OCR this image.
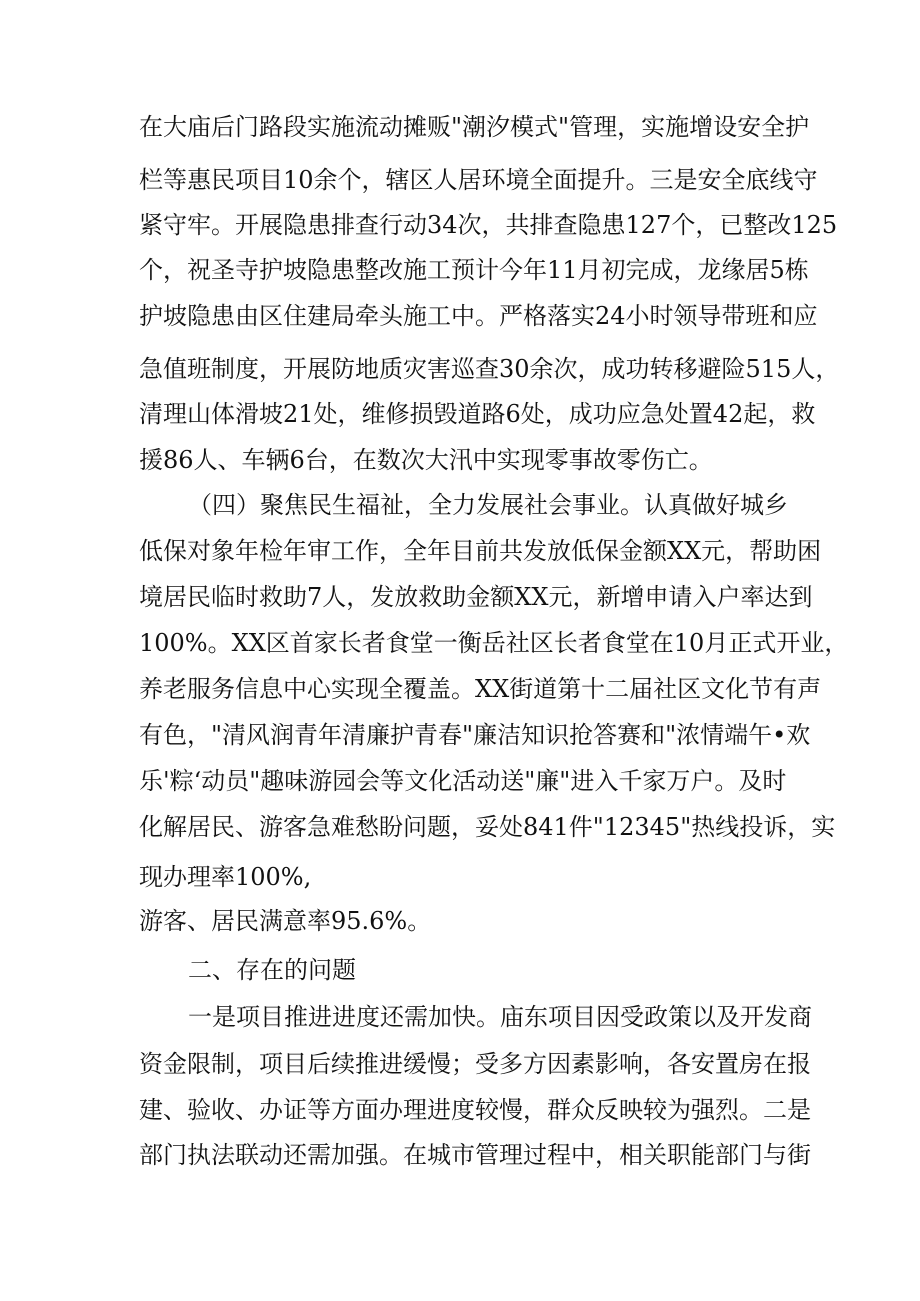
在大庙后门路段实施流动摊贩"潮汐模式"管理，实施增设安全护
栏等惠民项目10余个，辖区人居环境全面提升。三是安全底线守
紧守牢。开展隐患排查行动34次，共排查隐患127个，已整改125
个，祝圣寺护坡隐患整改施工预计今年11月初完成，龙缘居5栋
护坡隐患由区住建局牵头施工中。严格落实24小时领导带班和应
急值班制度，开展防地质灾害巡查30余次，成功转移避险515人，
清理山体滑坡21处，维修损毁道路6处，成功应急处置42起，救
援86人、车辆6台，在数次大汛中实现零事故零伤亡。
（四）聚焦民生福祉，全力发展社会事业。认真做好城乡
低保对象年检年审工作，全年目前共发放低保金额XX元，帮助困
境居民临时救助7人，发放救助金额XX元，新增申请入户率达到
100%。XX区首家长者食堂一衡岳社区长者食堂在10月正式开业，
养老服务信息中心实现全覆盖。XX街道第十二届社区文化节有声
有色，"清风润青年清廉护青春"廉洁知识抢答赛和"浓情端午•欢
乐'粽‘动员"趣味游园会等文化活动送"廉"进入千家万户。及时
化解居民、游客急难愁盼问题，妥处841件"12345"热线投诉，实
现办理率100%,
游客、居民满意率95.6%。
二、存在的问题
一是项目推进进度还需加快。庙东项目因受政策以及开发商
资金限制，项目后续推进缓慢；受多方因素影响，各安置房在报
建、验收、办证等方面办理进度较慢，群众反映较为强烈。二是
部门执法联动还需加强。在城市管理过程中，相关职能部门与街
